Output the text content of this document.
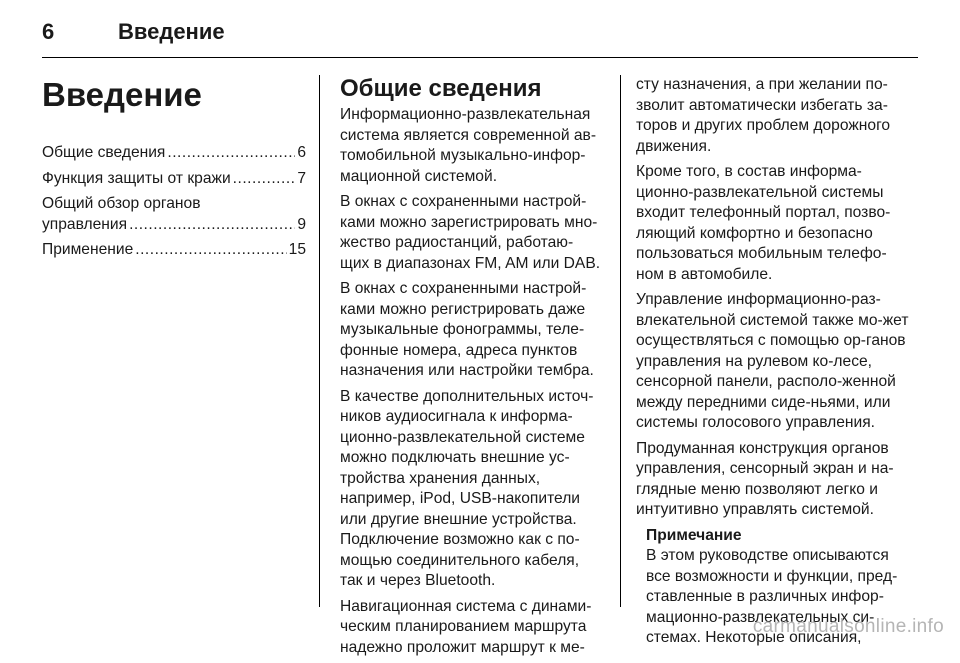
6	Введение
Введение
Общие сведения .....	6
Функция защиты от кражи .....	7
Общий обзор органов
управления .....	9
Применение .....	15
Общие сведения

Информационно-развлекательная система является современной ав-томобильной музыкально-инфор-мационной системой.

В окнах с сохраненными настрой-ками можно зарегистрировать мно-жество радиостанций, работаю-щих в диапазонах FM, AM или DAB.

В окнах с сохраненными настрой-ками можно регистрировать даже музыкальные фонограммы, теле-фонные номера, адреса пунктов назначения или настройки тембра.

В качестве дополнительных источ-ников аудиосигнала к информа-ционно-развлекательной системе можно подключать внешние ус-тройства хранения данных, например, iPod, USB-накопители или другие внешние устройства. Подключение возможно как с по-мощью соединительного кабеля, так и через Bluetooth.

Навигационная система с динами-ческим планированием маршрута надежно проложит маршрут к ме-

сту назначения, а при желании по-зволит автоматически избегать за-торов и других проблем дорожного движения.

Кроме того, в состав информа-ционно-развлекательной системы входит телефонный портал, позво-ляющий комфортно и безопасно пользоваться мобильным телефо-ном в автомобиле.

Управление информационно-раз-влекательной системой также мо-жет осуществляться с помощью ор-ганов управления на рулевом ко-лесе, сенсорной панели, располо-женной между передними сиде-ньями, или системы голосового управления.

Продуманная конструкция органов управления, сенсорный экран и на-глядные меню позволяют легко и интуитивно управлять системой.

Примечание
В этом руководстве описываются все возможности и функции, пред-ставленные в различных инфор-мационно-развлекательных си-стемах. Некоторые описания,
carmanualsonline.info
